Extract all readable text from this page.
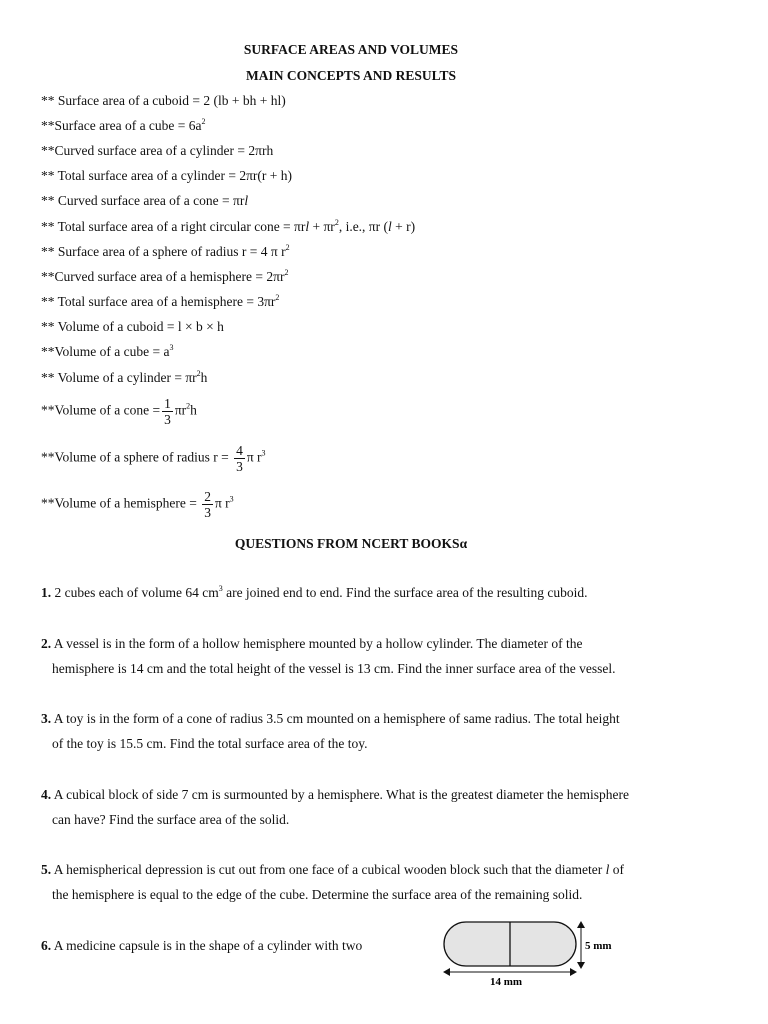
SURFACE AREAS AND VOLUMES
MAIN CONCEPTS AND RESULTS
** Surface area of a cuboid = 2 (lb + bh + hl)
**Surface area of a cube = $6a^2$
**Curved surface area of a cylinder = 2πrh
** Total surface area of a cylinder = 2πr(r + h)
** Curved surface area of a cone = πrl
** Total surface area of a right circular cone = $\pi rl + \pi r^2$, i.e., πr (l + r)
** Surface area of a sphere of radius r = 4 π $r^2$
**Curved surface area of a hemisphere = $2\pi r^2$
** Total surface area of a hemisphere = $3\pi r^2$
** Volume of a cuboid = l × b × h
**Volume of a cube = $a^3$
** Volume of a cylinder = $\pi r^2h$
**Volume of a cone = $\frac{1}{3} \pi r^2h$
**Volume of a sphere of radius $r = \frac{4}{3}$ π $r^3$
**Volume of a hemisphere = $\frac{2}{3}$ π $r^3$
QUESTIONS FROM NCERT BOOKSα
1. 2 cubes each of volume 64 $cm^3$ are joined end to end. Find the surface area of the resulting cuboid.
2. A vessel is in the form of a hollow hemisphere mounted by a hollow cylinder. The diameter of the
hemisphere is 14 cm and the total height of the vessel is 13 cm. Find the inner surface area of the vessel.
3. A toy is in the form of a cone of radius 3.5 cm mounted on a hemisphere of same radius. The total height
of the toy is 15.5 cm. Find the total surface area of the toy.
4. A cubical block of side 7 cm is surmounted by a hemisphere. What is the greatest diameter the hemisphere
can have? Find the surface area of the solid.
5. A hemispherical depression is cut out from one face of a cubical wooden block such that the diameter l of
the hemisphere is equal to the edge of the cube. Determine the surface area of the remaining solid.
6. A medicine capsule is in the shape of a cylinder with two	5 mm
14 mm
